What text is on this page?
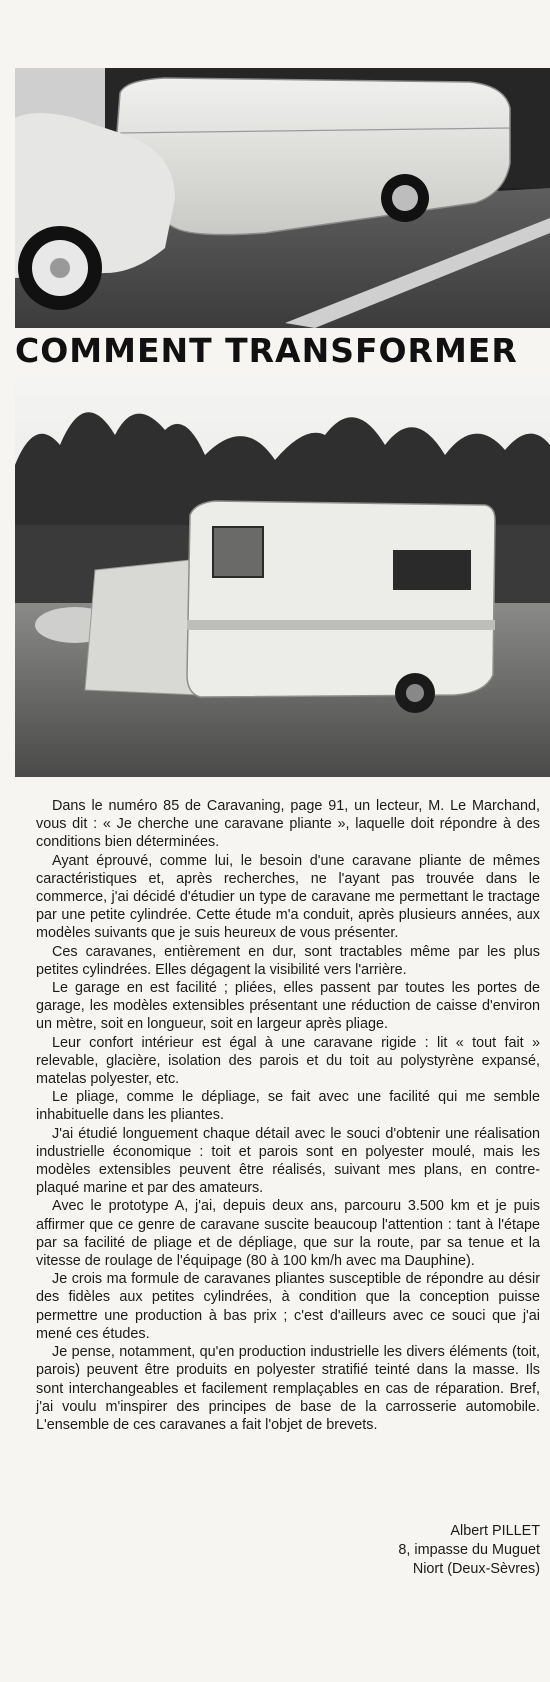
COMMENT TRANSFORMER

Dans le numéro 85 de Caravaning, page 91, un lecteur, M. Le Marchand, vous dit : « Je cherche une caravane pliante », laquelle doit répondre à des conditions bien déterminées.

Ayant éprouvé, comme lui, le besoin d'une caravane pliante de mêmes caractéristiques et, après recherches, ne l'ayant pas trouvée dans le commerce, j'ai décidé d'étudier un type de caravane me permettant le tractage par une petite cylindrée. Cette étude m'a conduit, après plusieurs années, aux modèles suivants que je suis heureux de vous présenter.

Ces caravanes, entièrement en dur, sont tractables même par les plus petites cylindrées. Elles dégagent la visibilité vers l'arrière.

Le garage en est facilité ; pliées, elles passent par toutes les portes de garage, les modèles extensibles présentant une réduction de caisse d'environ un mètre, soit en longueur, soit en largeur après pliage.

Leur confort intérieur est égal à une caravane rigide : lit « tout fait » relevable, glacière, isolation des parois et du toit au polystyrène expansé, matelas polyester, etc.

Le pliage, comme le dépliage, se fait avec une facilité qui me semble inhabituelle dans les pliantes.

J'ai étudié longuement chaque détail avec le souci d'obtenir une réalisation industrielle économique : toit et parois sont en polyester moulé, mais les modèles extensibles peuvent être réalisés, suivant mes plans, en contre-plaqué marine et par des amateurs.

Avec le prototype A, j'ai, depuis deux ans, parcouru 3.500 km et je puis affirmer que ce genre de caravane suscite beaucoup l'attention : tant à l'étape par sa facilité de pliage et de dépliage, que sur la route, par sa tenue et la vitesse de roulage de l'équipage (80 à 100 km/h avec ma Dauphine).

Je crois ma formule de caravanes pliantes susceptible de répondre au désir des fidèles aux petites cylindrées, à condition que la conception puisse permettre une production à bas prix ; c'est d'ailleurs avec ce souci que j'ai mené ces études.

Je pense, notamment, qu'en production industrielle les divers éléments (toit, parois) peuvent être produits en polyester stratifié teinté dans la masse. Ils sont interchangeables et facilement remplaçables en cas de réparation. Bref, j'ai voulu m'inspirer des principes de base de la carrosserie automobile. L'ensemble de ces caravanes a fait l'objet de brevets.

Albert PILLET
8, impasse du Muguet
Niort (Deux-Sèvres)
